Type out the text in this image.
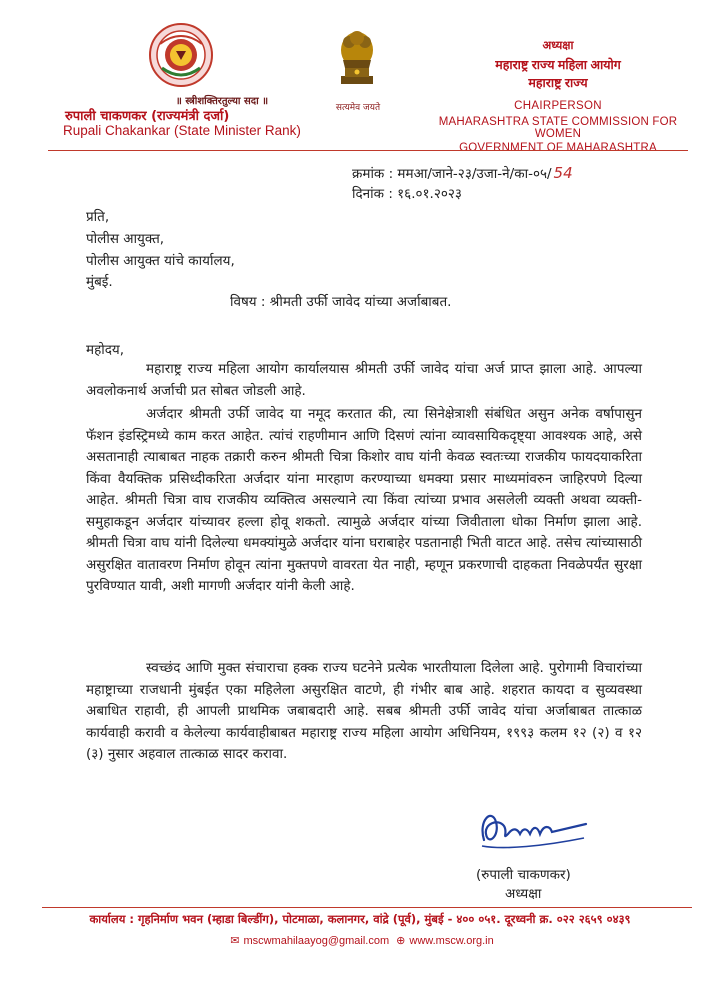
॥ स्त्रीशक्तिरतुल्या सदा ॥
रुपाली चाकणकर (राज्यमंत्री दर्जा)
Rupali Chakankar (State Minister Rank)
सत्यमेव जयते
अध्यक्षा
महाराष्ट्र राज्य महिला आयोग
महाराष्ट्र राज्य
CHAIRPERSON
MAHARASHTRA STATE COMMISSION FOR WOMEN
GOVERNMENT OF MAHARASHTRA
क्रमांक : ममआ/जाने-२३/उजा-ने/का-०५/ 54
दिनांक : १६.०१.२०२३
प्रति,
पोलीस आयुक्त,
पोलीस आयुक्त यांचे कार्यालय,
मुंबई.
विषय : श्रीमती उर्फी जावेद यांच्या अर्जाबाबत.
महोदय,
महाराष्ट्र राज्य महिला आयोग कार्यालयास श्रीमती उर्फी जावेद यांचा अर्ज प्राप्त झाला आहे. आपल्या अवलोकनार्थ अर्जाची प्रत सोबत जोडली आहे.
अर्जदार श्रीमती उर्फी जावेद या नमूद करतात की, त्या सिनेक्षेत्राशी संबंधित असुन अनेक वर्षापासुन फॅशन इंडस्ट्रिमध्ये काम करत आहेत. त्यांचं राहणीमान आणि दिसणं त्यांना व्यावसायिकदृष्ट्या आवश्यक आहे, असे असतानाही त्याबाबत नाहक तक्रारी करुन श्रीमती चित्रा किशोर वाघ यांनी केवळ स्वतःच्या राजकीय फायदयाकरिता किंवा वैयक्तिक प्रसिध्दीकरिता अर्जदार यांना मारहाण करण्याच्या धमक्या प्रसार माध्यमांवरुन जाहिरपणे दिल्या आहेत. श्रीमती चित्रा वाघ राजकीय व्यक्तित्व असल्याने त्या किंवा त्यांच्या प्रभाव असलेली व्यक्ती अथवा व्यक्ती-समुहाकडून अर्जदार यांच्यावर हल्ला होवू शकतो. त्यामुळे अर्जदार यांच्या जिवीताला धोका निर्माण झाला आहे. श्रीमती चित्रा वाघ यांनी दिलेल्या धमक्यांमुळे अर्जदार यांना घराबाहेर पडतानाही भिती वाटत आहे. तसेच त्यांच्यासाठी असुरक्षित वातावरण निर्माण होवून त्यांना मुक्तपणे वावरता येत नाही, म्हणून प्रकरणाची दाहकता निवळेपर्यंत सुरक्षा पुरविण्यात यावी, अशी मागणी अर्जदार यांनी केली आहे.
स्वच्छंद आणि मुक्त संचाराचा हक्क राज्य घटनेने प्रत्येक भारतीयाला दिलेला आहे. पुरोगामी विचारांच्या महाष्ट्राच्या राजधानी मुंबईत एका महिलेला असुरक्षित वाटणे, ही गंभीर बाब आहे. शहरात कायदा व सुव्यवस्था अबाधित राहावी, ही आपली प्राथमिक जबाबदारी आहे. सबब श्रीमती उर्फी जावेद यांचा अर्जाबाबत तात्काळ कार्यवाही करावी व केलेल्या कार्यवाहीबाबत महाराष्ट्र राज्य महिला आयोग अधिनियम, १९९३ कलम १२ (२) व १२ (३) नुसार अहवाल तात्काळ सादर करावा.
(रुपाली चाकणकर)
अध्यक्षा
कार्यालय : गृहनिर्माण भवन (म्हाडा बिल्डींग), पोटमाळा, कलानगर, वांद्रे (पूर्व), मुंबई - ४०० ०५१. दूरध्वनी क्र. ०२२ २६५९ ०४३९
✉ mscwmahilaayog@gmail.com ⊕ www.mscw.org.in
